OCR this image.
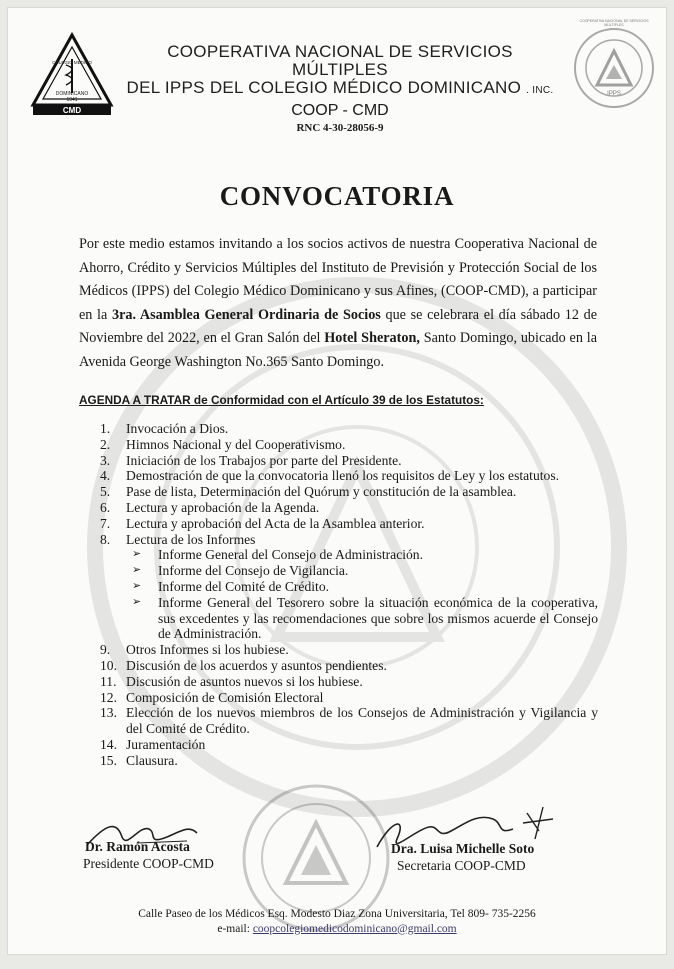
CMD
DOMINICANO
1941
COLEGIO MÉDICO
IPPS
COOPERATIVA NACIONAL DE SERVICIOS MÚLTIPLES
COOPERATIVA NACIONAL DE SERVICIOS MÚLTIPLES
DEL IPPS DEL COLEGIO MÉDICO DOMINICANO . INC.
COOP - CMD
RNC 4-30-28056-9
CONVOCATORIA
Por este medio estamos invitando a los socios activos de nuestra Cooperativa Nacional de Ahorro, Crédito y Servicios Múltiples del Instituto de Previsión y Protección Social de los Médicos (IPPS) del Colegio Médico Dominicano y sus Afines, (COOP-CMD), a participar en la 3ra. Asamblea General Ordinaria de Socios que se celebrara el día sábado 12 de Noviembre del 2022, en el Gran Salón del Hotel Sheraton, Santo Domingo, ubicado en la Avenida George Washington No.365 Santo Domingo.
AGENDA A TRATAR de Conformidad con el Artículo 39 de los Estatutos:
1.	Invocación a Dios.
2.	Himnos Nacional y del Cooperativismo.
3.	Iniciación de los Trabajos por parte del Presidente.
4.	Demostración de que la convocatoria llenó los requisitos de Ley y los estatutos.
5.	Pase de lista, Determinación del Quórum y constitución de la asamblea.
6.	Lectura y aprobación de la Agenda.
7.	Lectura y aprobación del Acta de la Asamblea anterior.
8.	Lectura de los Informes
➢	Informe General del Consejo de Administración.
➢	Informe del Consejo de Vigilancia.
➢	Informe del Comité de Crédito.
➢	Informe General del Tesorero sobre la situación económica de la cooperativa, sus excedentes y las recomendaciones que sobre los mismos acuerde el Consejo de Administración.
9.	Otros Informes si los hubiese.
10. Discusión de los acuerdos y asuntos pendientes.
11. Discusión de asuntos nuevos si los hubiese.
12. Composición de Comisión Electoral
13. Elección de los nuevos miembros de los Consejos de Administración y Vigilancia y del Comité de Crédito.
14. Juramentación
15. Clausura.
Dr. Ramón Acosta
Presidente COOP-CMD
Dra. Luisa Michelle Soto
Secretaria COOP-CMD
Calle Paseo de los Médicos Esq. Modesto Diaz Zona Universitaria, Tel 809- 735-2256
e-mail: coopcolegiomedicodominicano@gmail.com
